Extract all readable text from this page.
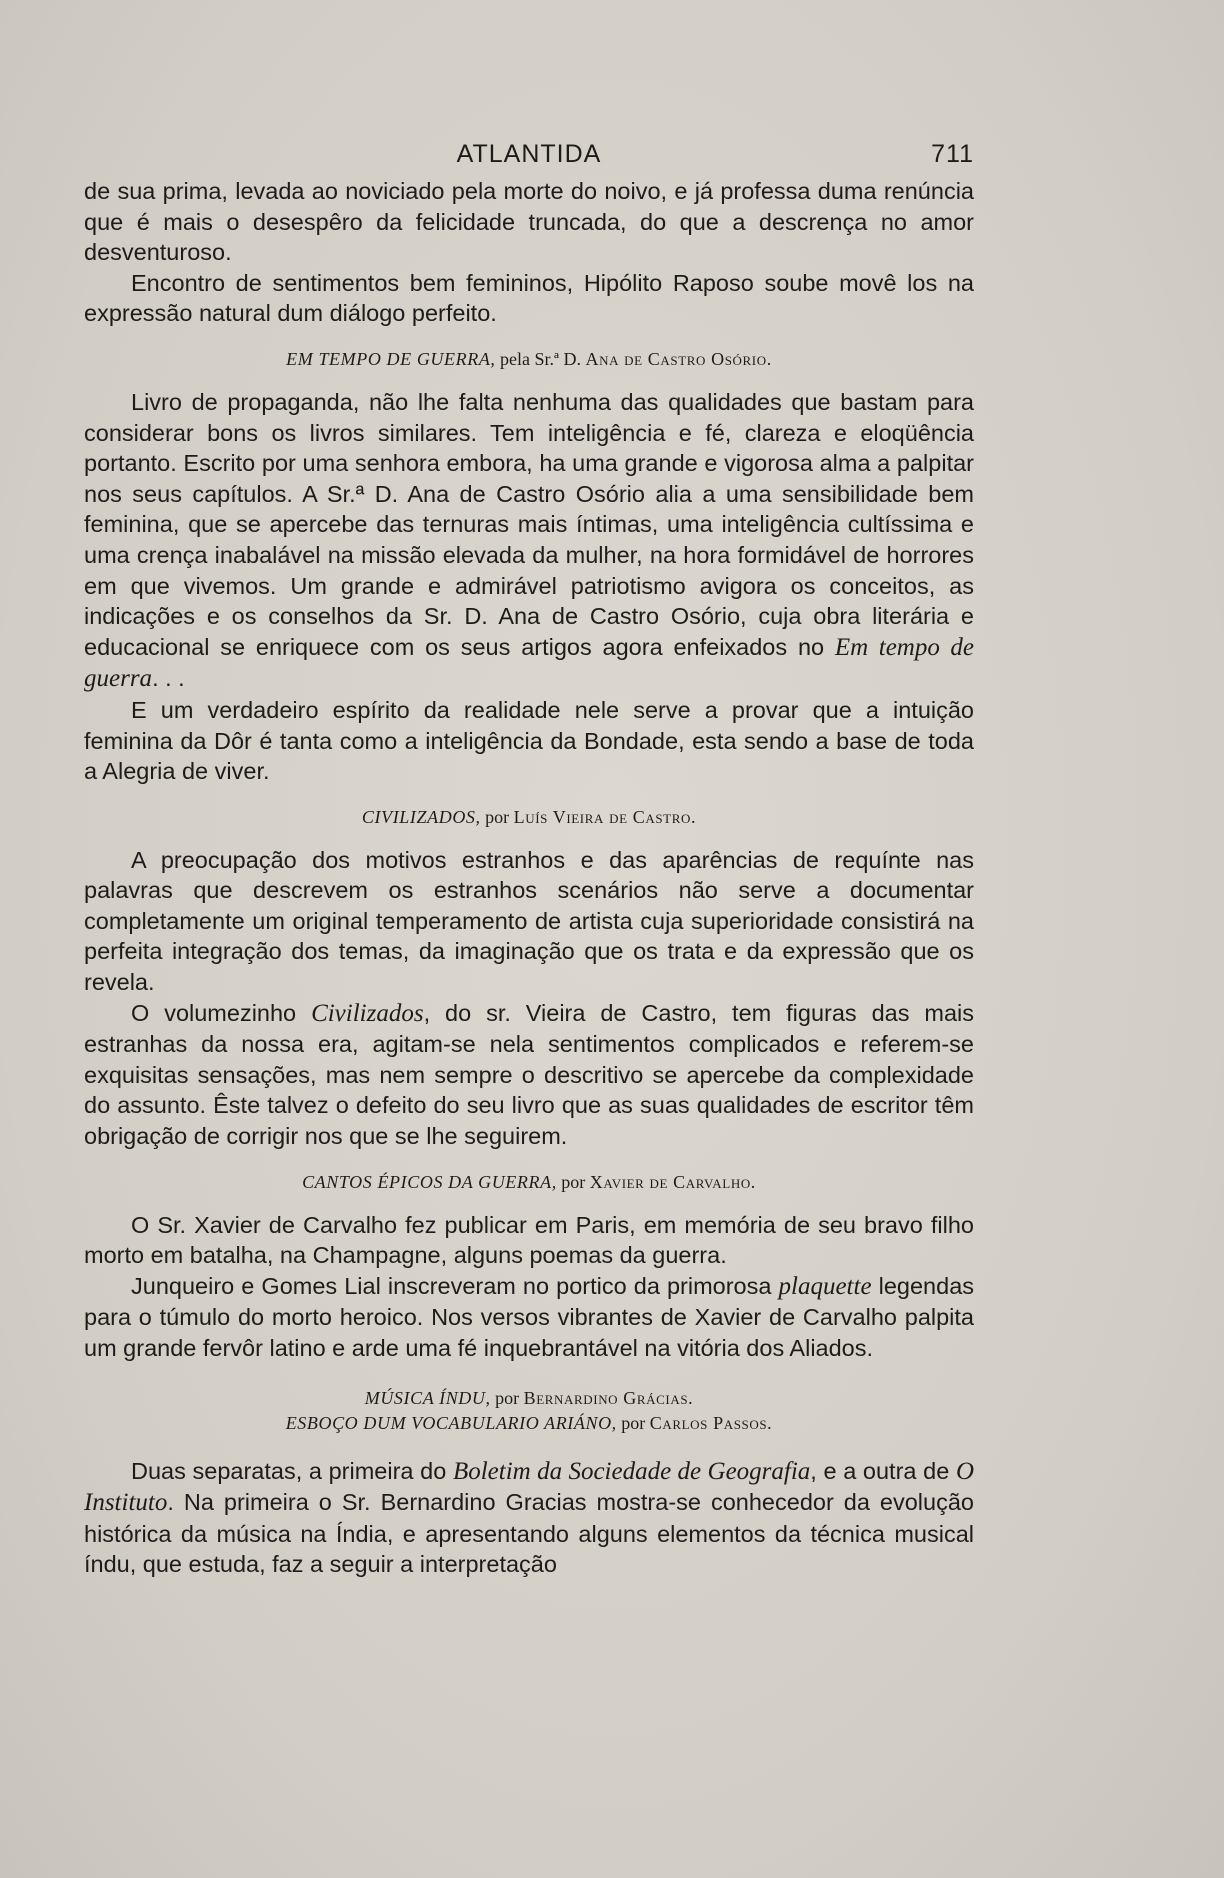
ATLANTIDA	711

de sua prima, levada ao noviciado pela morte do noivo, e já professa duma renúncia que é mais o desespêro da felicidade truncada, do que a descrença no amor desventuroso.

Encontro de sentimentos bem femininos, Hipólito Raposo soube movê los na expressão natural dum diálogo perfeito.

EM TEMPO DE GUERRA, pela Sr.ª D. Ana de Castro Osório.

Livro de propaganda, não lhe falta nenhuma das qualidades que bastam para considerar bons os livros similares. Tem inteligência e fé, clareza e eloqüência portanto. Escrito por uma senhora embora, ha uma grande e vigorosa alma a palpitar nos seus capítulos. A Sr.ª D. Ana de Castro Osório alia a uma sensibilidade bem feminina, que se apercebe das ternuras mais íntimas, uma inteligência cultíssima e uma crença inabalável na missão elevada da mulher, na hora formidável de horrores em que vivemos. Um grande e admirável patriotismo avigora os conceitos, as indicações e os conselhos da Sr. D. Ana de Castro Osório, cuja obra literária e educacional se enriquece com os seus artigos agora enfeixados no Em tempo de guerra. . .

E um verdadeiro espírito da realidade nele serve a provar que a intuição feminina da Dôr é tanta como a inteligência da Bondade, esta sendo a base de toda a Alegria de viver.

CIVILIZADOS, por Luís Vieira de Castro.

A preocupação dos motivos estranhos e das aparências de requínte nas palavras que descrevem os estranhos scenários não serve a documentar completamente um original temperamento de artista cuja superioridade consistirá na perfeita integração dos temas, da imaginação que os trata e da expressão que os revela.

O volumezinho Civilizados, do sr. Vieira de Castro, tem figuras das mais estranhas da nossa era, agitam-se nela sentimentos complicados e referem-se exquisitas sensações, mas nem sempre o descritivo se apercebe da complexidade do assunto. Êste talvez o defeito do seu livro que as suas qualidades de escritor têm obrigação de corrigir nos que se lhe seguirem.

CANTOS ÉPICOS DA GUERRA, por Xavier de Carvalho.

O Sr. Xavier de Carvalho fez publicar em Paris, em memória de seu bravo filho morto em batalha, na Champagne, alguns poemas da guerra.

Junqueiro e Gomes Lial inscreveram no portico da primorosa plaquette legendas para o túmulo do morto heroico. Nos versos vibrantes de Xavier de Carvalho palpita um grande fervôr latino e arde uma fé inquebrantável na vitória dos Aliados.

MÚSICA ÍNDU, por Bernardino Grácias.
ESBOÇO DUM VOCABULARIO ARIÁNO, por Carlos Passos.

Duas separatas, a primeira do Boletim da Sociedade de Geografia, e a outra de O Instituto. Na primeira o Sr. Bernardino Gracias mostra-se conhecedor da evolução histórica da música na Índia, e apresentando alguns elementos da técnica musical índu, que estuda, faz a seguir a interpretação
